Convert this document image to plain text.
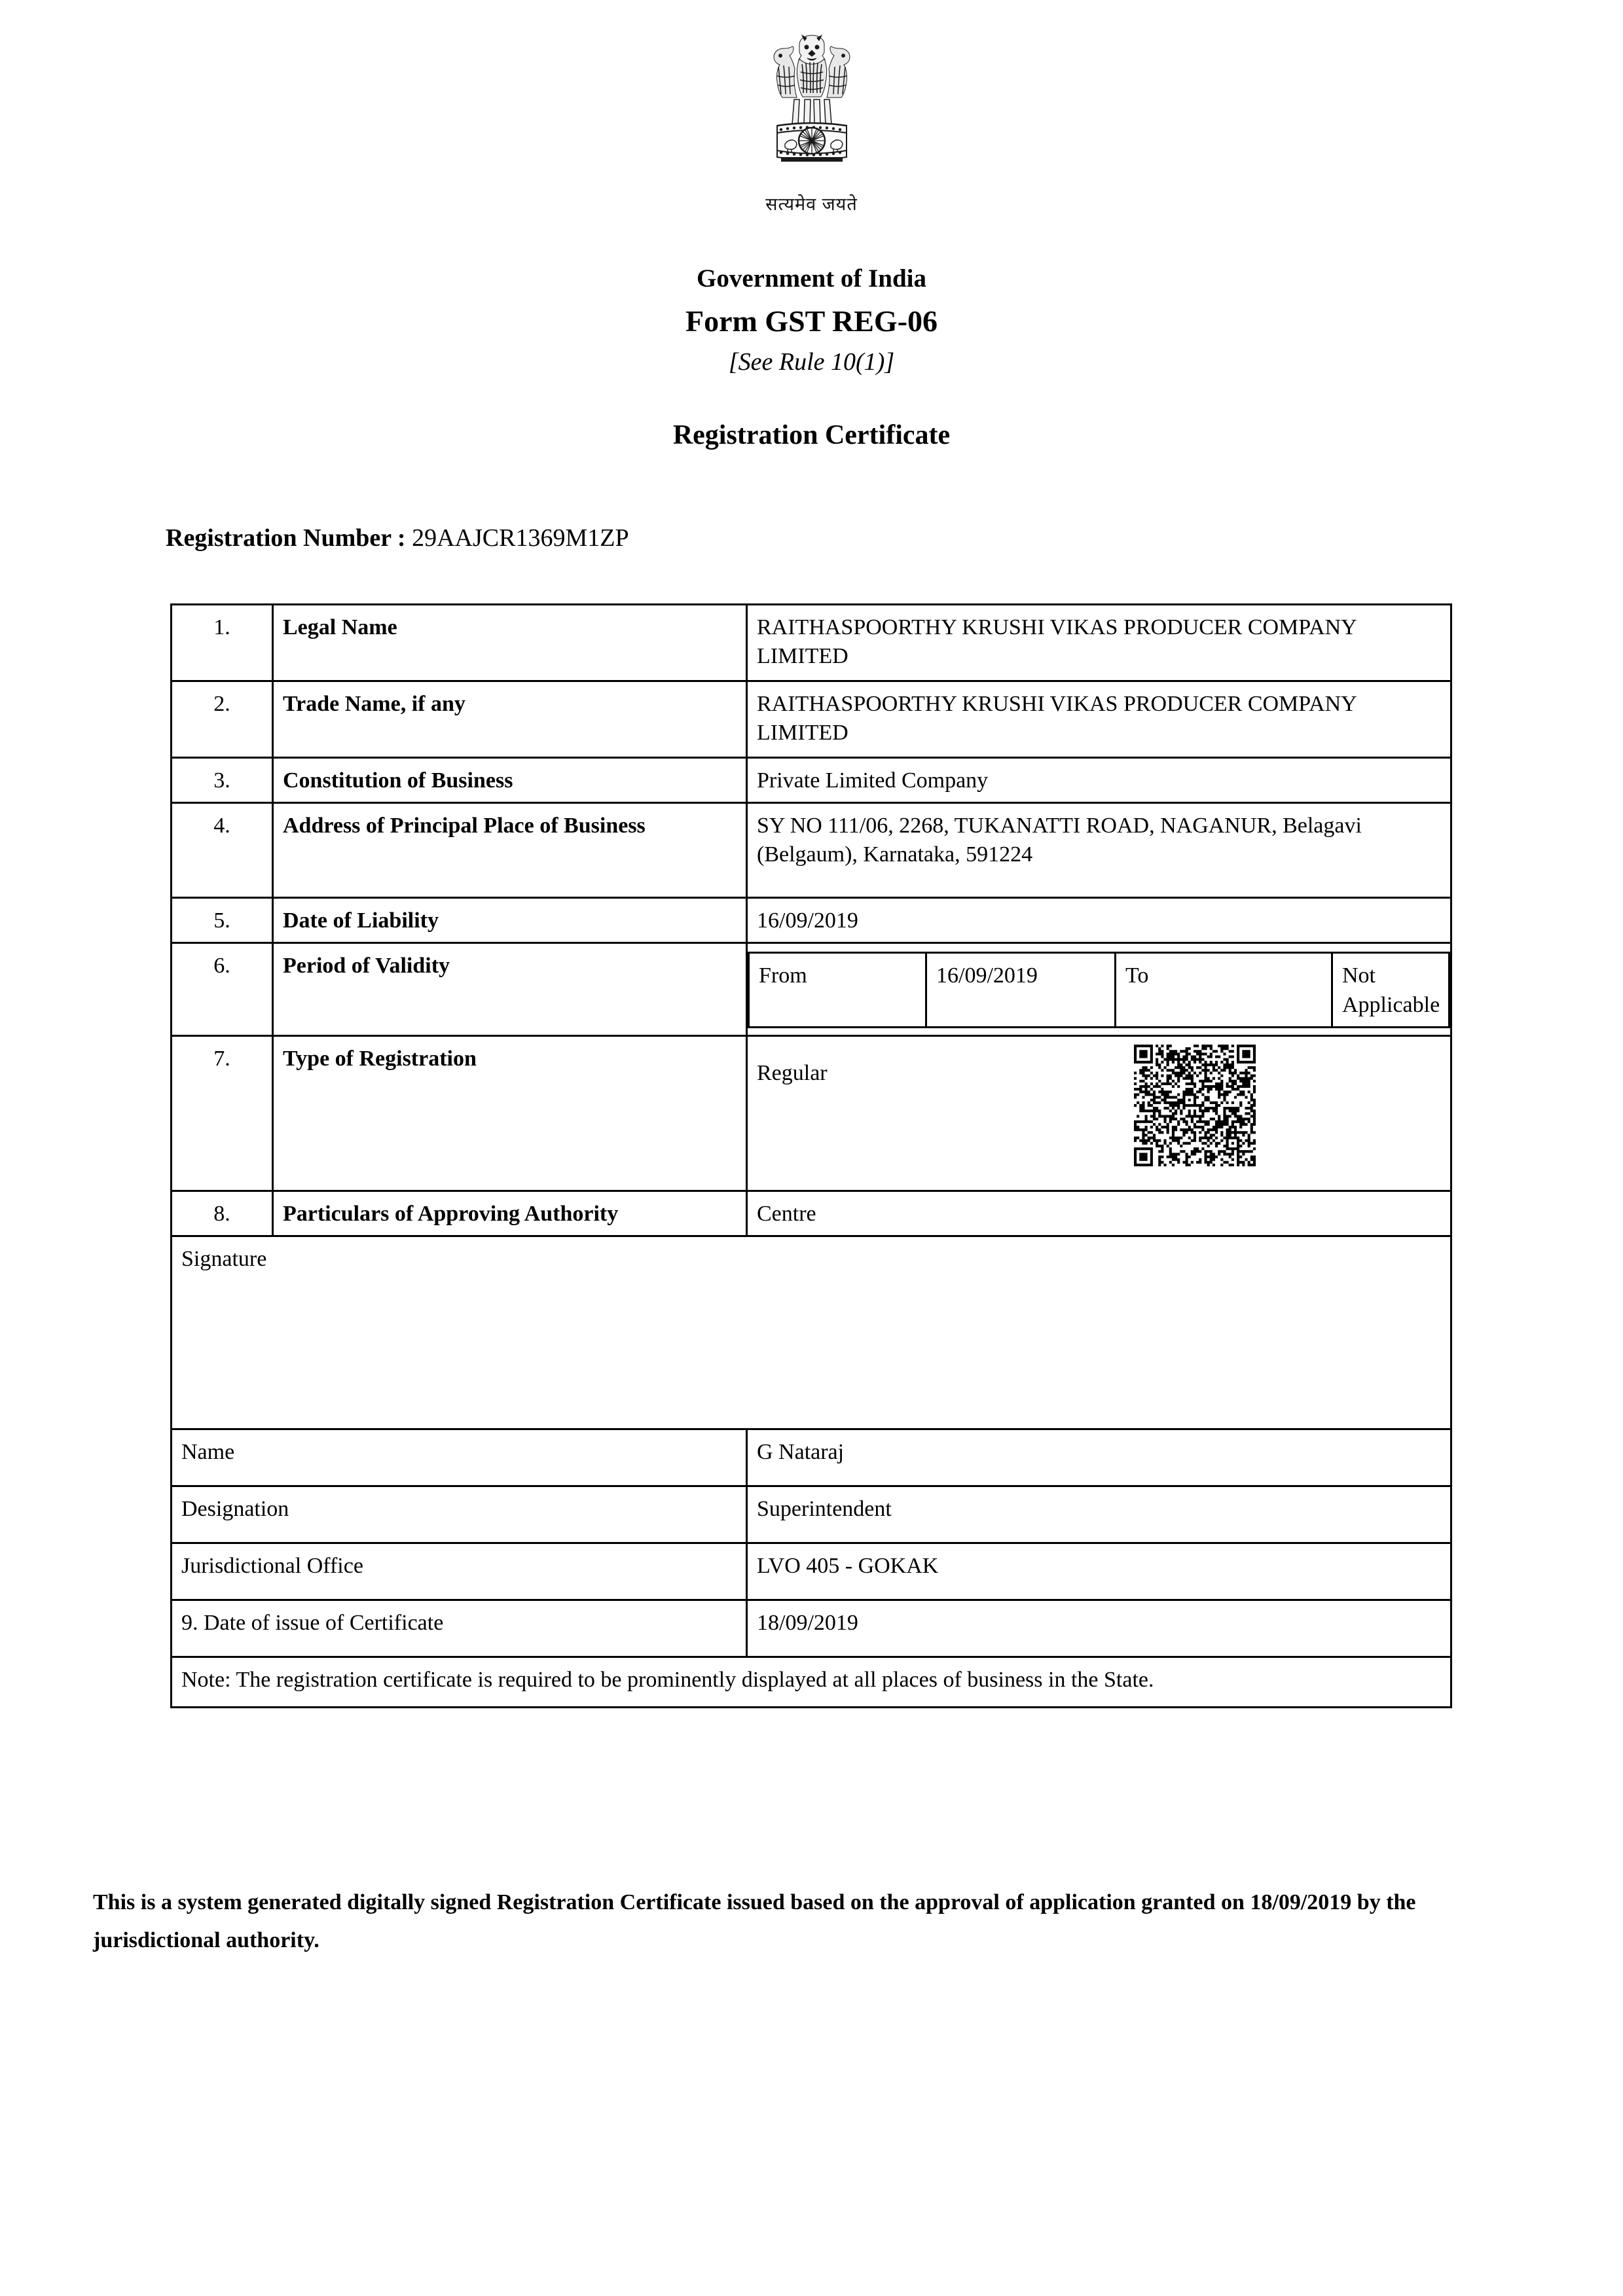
सत्यमेव जयते
Government of India
Form GST REG-06
[See Rule 10(1)]
Registration Certificate
Registration Number : 29AAJCR1369M1ZP
1.	Legal Name	RAITHASPOORTHY KRUSHI VIKAS PRODUCER COMPANY LIMITED
2.	Trade Name, if any	RAITHASPOORTHY KRUSHI VIKAS PRODUCER COMPANY LIMITED
3.	Constitution of Business	Private Limited Company
4.	Address of Principal Place of Business	SY NO 111/06, 2268, TUKANATTI ROAD, NAGANUR, Belagavi (Belgaum), Karnataka, 591224
5.	Date of Liability	16/09/2019
6.	Period of Validity		From	16/09/2019	To	Not Applicable

7.	Type of Registration	
Regular

8.	Particulars of Approving Authority	Centre
Signature
Name	G Nataraj
Designation	Superintendent
Jurisdictional Office	LVO 405 - GOKAK
9. Date of issue of Certificate	18/09/2019
Note: The registration certificate is required to be prominently displayed at all places of business in the State.
This is a system generated digitally signed Registration Certificate issued based on the approval of application granted on 18/09/2019 by the jurisdictional authority.
